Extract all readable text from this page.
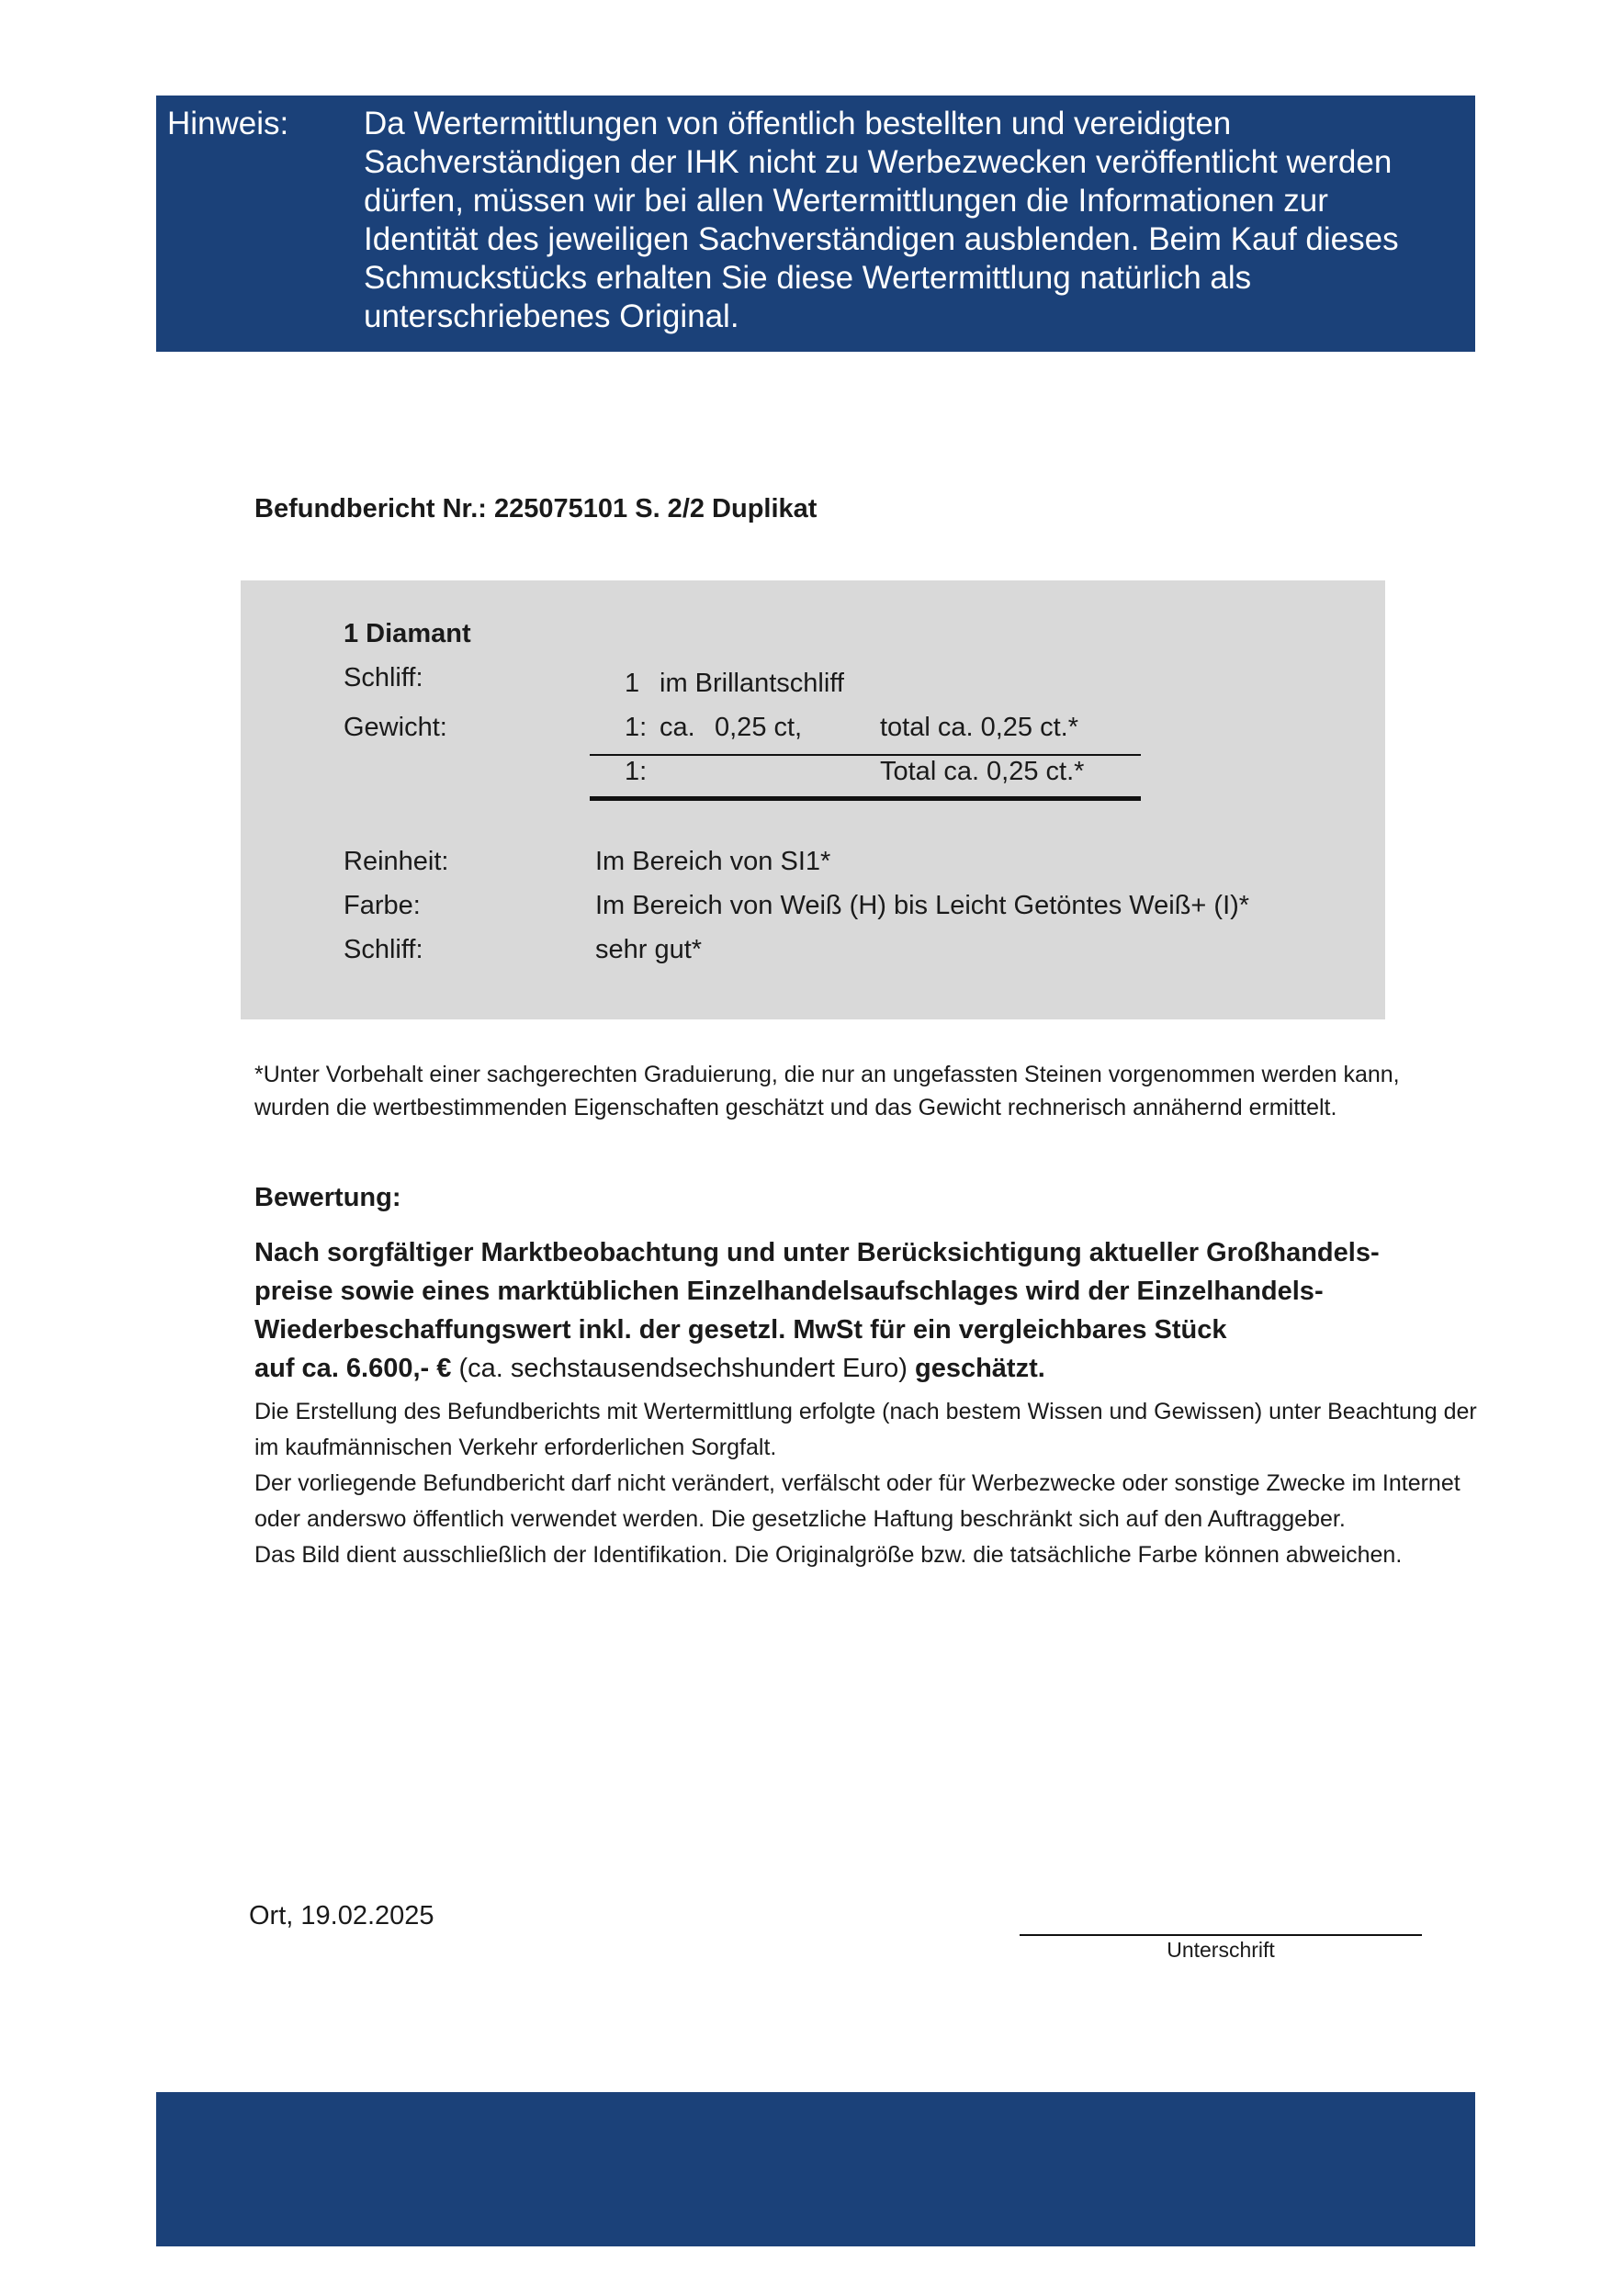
Hinweis: Da Wertermittlungen von öffentlich bestellten und vereidigten Sachverständigen der IHK nicht zu Werbezwecken veröffentlicht werden dürfen, müssen wir bei allen Wertermittlungen die Informationen zur Identität des jeweiligen Sachverständigen ausblenden. Beim Kauf dieses Schmuckstücks erhalten Sie diese Wertermittlung natürlich als unterschriebenes Original.
Befundbericht Nr.: 225075101 S. 2/2 Duplikat
1 Diamant
Schliff:	1 im Brillantschliff
Gewicht:	1: ca. 0,25 ct,	total ca. 0,25 ct.*
1:	Total ca. 0,25 ct.*
Reinheit:	Im Bereich von SI1*
Farbe:	Im Bereich von Weiß (H) bis Leicht Getöntes Weiß+ (I)*
Schliff:	sehr gut*
*Unter Vorbehalt einer sachgerechten Graduierung, die nur an ungefassten Steinen vorgenommen werden kann, wurden die wertbestimmenden Eigenschaften geschätzt und das Gewicht rechnerisch annähernd ermittelt.
Bewertung:
Nach sorgfältiger Marktbeobachtung und unter Berücksichtigung aktueller Großhandels-
preise sowie eines marktüblichen Einzelhandelsaufschlages wird der Einzelhandels-
Wiederbeschaffungswert inkl. der gesetzl. MwSt für ein vergleichbares Stück
auf ca. 6.600,- € (ca. sechstausendsechshundert Euro) geschätzt.

Die Erstellung des Befundberichts mit Wertermittlung erfolgte (nach bestem Wissen und Gewissen) unter Beachtung der im kaufmännischen Verkehr erforderlichen Sorgfalt.

Der vorliegende Befundbericht darf nicht verändert, verfälscht oder für Werbezwecke oder sonstige Zwecke im Internet oder anderswo öffentlich verwendet werden. Die gesetzliche Haftung beschränkt sich auf den Auftraggeber.

Das Bild dient ausschließlich der Identifikation. Die Originalgröße bzw. die tatsächliche Farbe können abweichen.

Ort, 19.02.2025
Unterschrift
